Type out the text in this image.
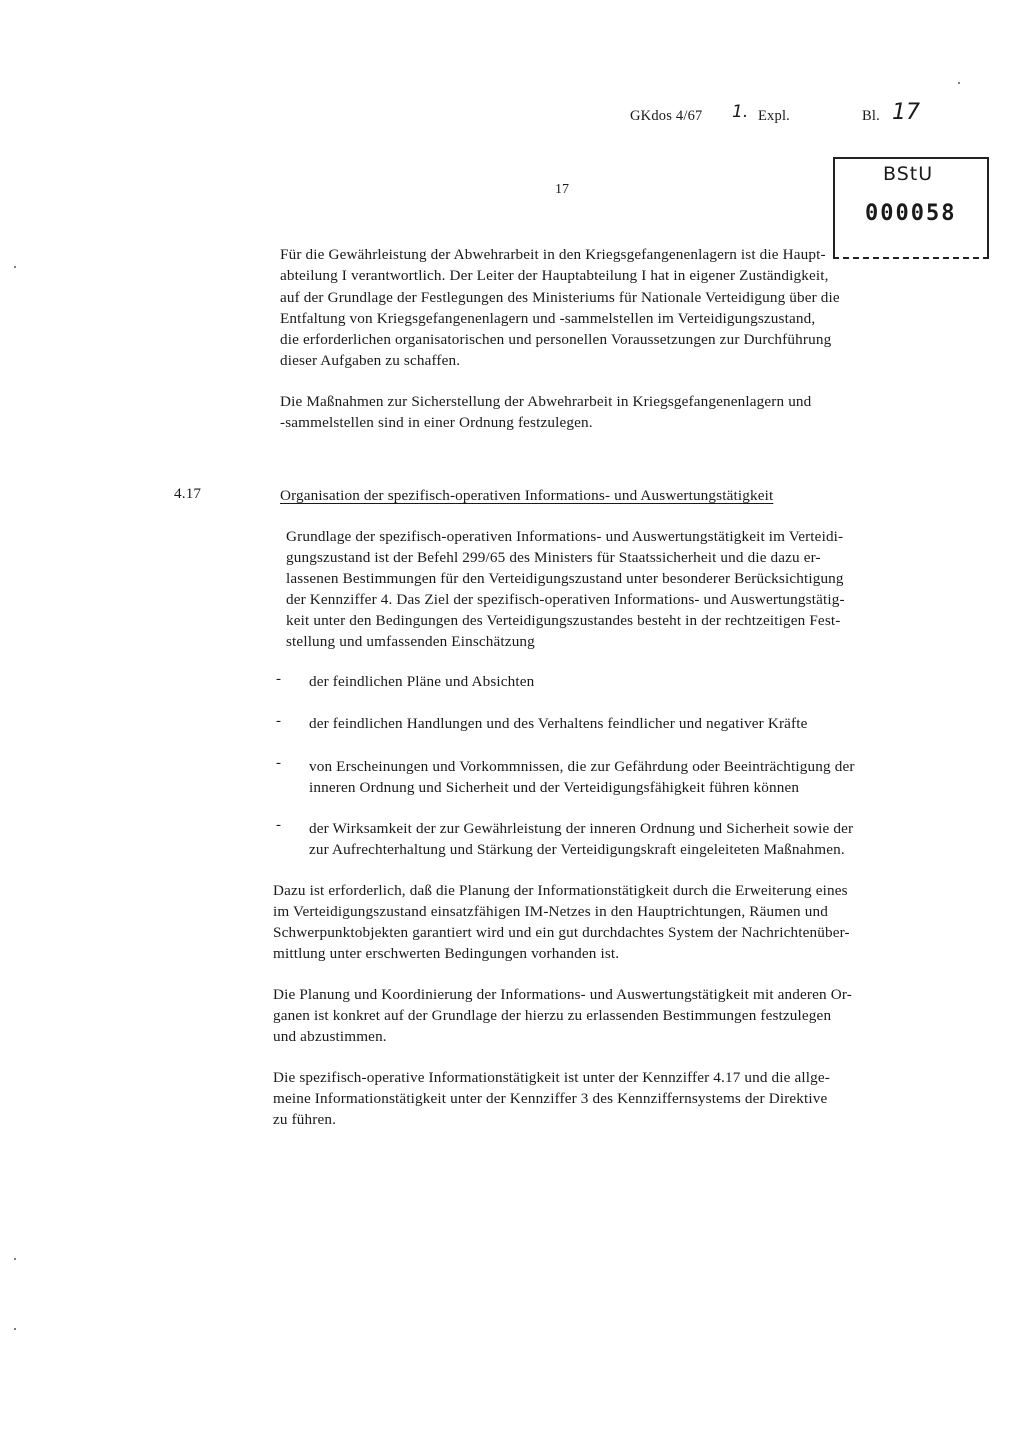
GKdos 4/67 1. Expl.	Bl. 17
BStU
000058
17
Für die Gewährleistung der Abwehrarbeit in den Kriegsgefangenenlagern ist die Haupt-
abteilung I verantwortlich. Der Leiter der Hauptabteilung I hat in eigener Zuständigkeit,
auf der Grundlage der Festlegungen des Ministeriums für Nationale Verteidigung über die
Entfaltung von Kriegsgefangenenlagern und -sammelstellen im Verteidigungszustand,
die erforderlichen organisatorischen und personellen Voraussetzungen zur Durchführung
dieser Aufgaben zu schaffen.
Die Maßnahmen zur Sicherstellung der Abwehrarbeit in Kriegsgefangenenlagern und
-sammelstellen sind in einer Ordnung festzulegen.
4.17	Organisation der spezifisch-operativen Informations- und Auswertungstätigkeit
Grundlage der spezifisch-operativen Informations- und Auswertungstätigkeit im Verteidi-
gungszustand ist der Befehl 299/65 des Ministers für Staatssicherheit und die dazu er-
lassenen Bestimmungen für den Verteidigungszustand unter besonderer Berücksichtigung
der Kennziffer 4. Das Ziel der spezifisch-operativen Informations- und Auswertungstätig-
keit unter den Bedingungen des Verteidigungszustandes besteht in der rechtzeitigen Fest-
stellung und umfassenden Einschätzung
- der feindlichen Pläne und Absichten
- der feindlichen Handlungen und des Verhaltens feindlicher und negativer Kräfte
- von Erscheinungen und Vorkommnissen, die zur Gefährdung oder Beeinträchtigung der
inneren Ordnung und Sicherheit und der Verteidigungsfähigkeit führen können
- der Wirksamkeit der zur Gewährleistung der inneren Ordnung und Sicherheit sowie der
zur Aufrechterhaltung und Stärkung der Verteidigungskraft eingeleiteten Maßnahmen.
Dazu ist erforderlich, daß die Planung der Informationstätigkeit durch die Erweiterung eines
im Verteidigungszustand einsatzfähigen IM-Netzes in den Hauptrichtungen, Räumen und
Schwerpunktobjekten garantiert wird und ein gut durchdachtes System der Nachrichtenüber-
mittlung unter erschwerten Bedingungen vorhanden ist.
Die Planung und Koordinierung der Informations- und Auswertungstätigkeit mit anderen Or-
ganen ist konkret auf der Grundlage der hierzu zu erlassenden Bestimmungen festzulegen
und abzustimmen.
Die spezifisch-operative Informationstätigkeit ist unter der Kennziffer 4.17 und die allge-
meine Informationstätigkeit unter der Kennziffer 3 des Kennziffernsystems der Direktive
zu führen.
